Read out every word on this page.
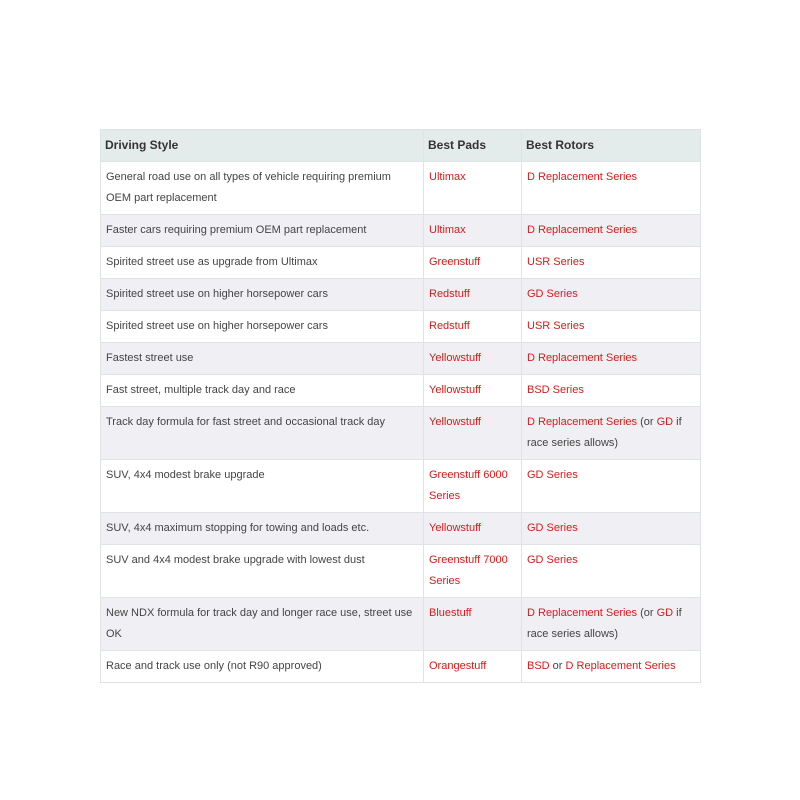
Driving Style	Best Pads	Best Rotors
General road use on all types of vehicle requiring premium OEM part replacement	Ultimax	D Replacement Series
Faster cars requiring premium OEM part replacement	Ultimax	D Replacement Series
Spirited street use as upgrade from Ultimax	Greenstuff	USR Series
Spirited street use on higher horsepower cars	Redstuff	GD Series
Spirited street use on higher horsepower cars	Redstuff	USR Series
Fastest street use	Yellowstuff	D Replacement Series
Fast street, multiple track day and race	Yellowstuff	BSD Series
Track day formula for fast street and occasional track day	Yellowstuff	D Replacement Series (or GD if race series allows)
SUV, 4x4 modest brake upgrade	Greenstuff 6000 Series	GD Series
SUV, 4x4 maximum stopping for towing and loads etc.	Yellowstuff	GD Series
SUV and 4x4 modest brake upgrade with lowest dust	Greenstuff 7000 Series	GD Series
New NDX formula for track day and longer race use, street use OK	Bluestuff	D Replacement Series (or GD if race series allows)
Race and track use only (not R90 approved)	Orangestuff	BSD or D Replacement Series
